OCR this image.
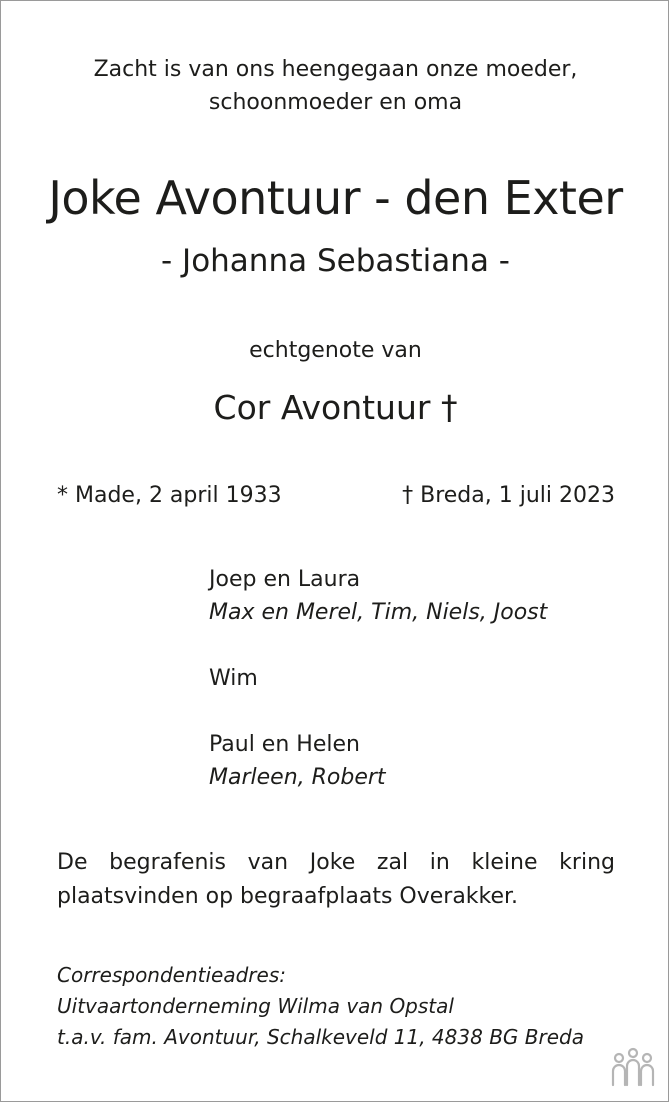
Zacht is van ons heengegaan onze moeder,
schoonmoeder en oma
Joke Avontuur - den Exter
- Johanna Sebastiana -
echtgenote van
Cor Avontuur †
* Made, 2 april 1933	† Breda, 1 juli 2023
Joep en Laura
Max en Merel, Tim, Niels, Joost
Wim
Paul en Helen
Marleen, Robert
De begrafenis van Joke zal in kleine kring plaatsvinden op begraafplaats Overakker.
Correspondentieadres:
Uitvaartonderneming Wilma van Opstal
t.a.v. fam. Avontuur, Schalkeveld 11, 4838 BG Breda
